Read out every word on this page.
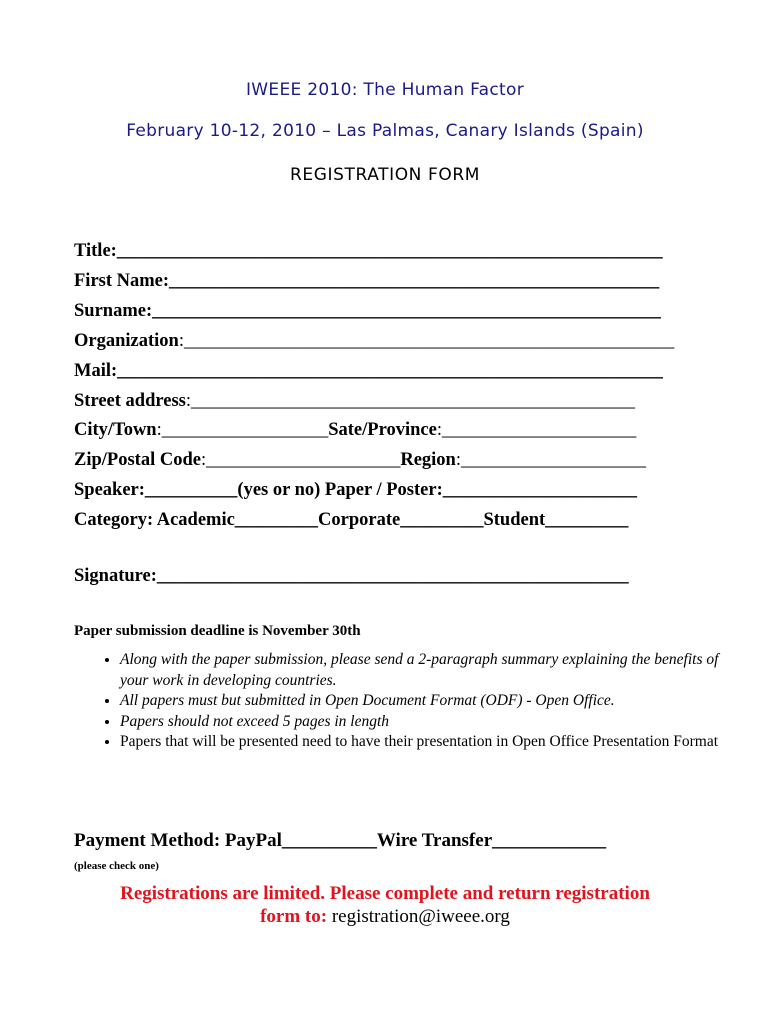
IWEEE 2010: The Human Factor
February 10-12, 2010 – Las Palmas, Canary Islands (Spain)
REGISTRATION FORM
Title:___________________________________________________________
First Name:_____________________________________________________
Surname:_______________________________________________________
Organization:_____________________________________________________
Mail:___________________________________________________________
Street address:________________________________________________
City/Town:__________________Sate/Province:_____________________
Zip/Postal Code:_____________________Region:____________________
Speaker:__________(yes or no) Paper / Poster:_____________________
Category: Academic_________Corporate_________Student_________
Signature:___________________________________________________
Paper submission deadline is November 30th
• Along with the paper submission, please send a 2-paragraph summary explaining the benefits of your work in developing countries.
• All papers must but submitted in Open Document Format (ODF) - Open Office.
• Papers should not exceed 5 pages in length
• Papers that will be presented need to have their presentation in Open Office Presentation Format
Payment Method: PayPal__________Wire Transfer____________
(please check one)
Registrations are limited. Please complete and return registration
form to: registration@iweee.org
